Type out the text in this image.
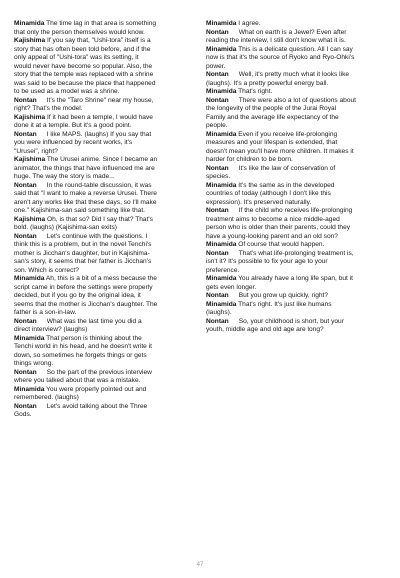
Minamida The time lag in that area is something
that only the person themselves would know.
Kajishima If you say that, "Ushi-tora" itself is a
story that has often been told before, and if the
only appeal of "Ushi-tora" was its setting, it
would never have become so popular. Also, the
story that the temple was replaced with a shrine
was said to be because the place that happened
to be used as a model was a shrine.
Nontan It's the "Taro Shrine" near my house,
right? That's the model.
Kajishima If it had been a temple, I would have
done it at a temple. But it's a good point.
Nontan I like MAPS. (laughs) If you say that
you were influenced by recent works, it's
"Urusei", right?
Kajishima The Urusei anime. Since I became an
animator, the things that have influenced me are
huge. The way the story is made...
Nontan In the round-table discussion, it was
said that "I want to make a reverse Urusei. There
aren't any works like that these days, so I'll make
one." Kajishima-san said something like that.
Kajishima Oh, is that so? Did I say that? That's
bold. (laughs) (Kajishima-san exits)
Nontan Let's continue with the questions. I
think this is a problem, but in the novel Tenchi's
mother is Jicchan's daughter, but in Kajishima-
san's story, it seems that her father is Jicchan's
son. Which is correct?
Minamida Ah, this is a bit of a mess because the
script came in before the settings were properly
decided, but if you go by the original idea, it
seems that the mother is Jicchan's daughter. The
father is a son-in-law.
Nontan What was the last time you did a
direct interview? (laughs)
Minamida That person is thinking about the
Tenchi world in his head, and he doesn't write it
down, so sometimes he forgets things or gets
things wrong.
Nontan So the part of the previous interview
where you talked about that was a mistake.
Minamida You were properly pointed out and
remembered. (laughs)
Nontan Let's avoid talking about the Three
Gods.
Minamida I agree.
Nontan What on earth is a Jewel? Even after
reading the interview, I still don't know what it is.
Minamida This is a delicate question. All I can say
now is that it's the source of Ryoko and Ryo-Ohki's
power.
Nontan Well, it's pretty much what it looks like
(laughs). It's a pretty powerful energy ball.
Minamida That's right.
Nontan There were also a lot of questions about
the longevity of the people of the Jurai Royal
Family and the average life expectancy of the
people.
Minamida Even if you receive life-prolonging
measures and your lifespan is extended, that
doesn't mean you'll have more children. It makes it
harder for children to be born.
Nontan It's like the law of conservation of
species.
Minamida It's the same as in the developed
countries of today (although I don't like this
expression). It's preserved naturally.
Nontan If the child who receives life-prolonging
treatment aims to become a nice middle-aged
person who is older than their parents, could they
have a young-looking parent and an old son?
Minamida Of course that would happen.
Nontan That's what life-prolonging treatment is,
isn't it? It's possible to fix your age to your
preference.
Minamida You already have a long life span, but it
gets even longer.
Nontan But you grow up quickly, right?
Minamida That's right. It's just like humans
(laughs).
Nontan So, your childhood is short, but your
youth, middle age and old age are long?
47
